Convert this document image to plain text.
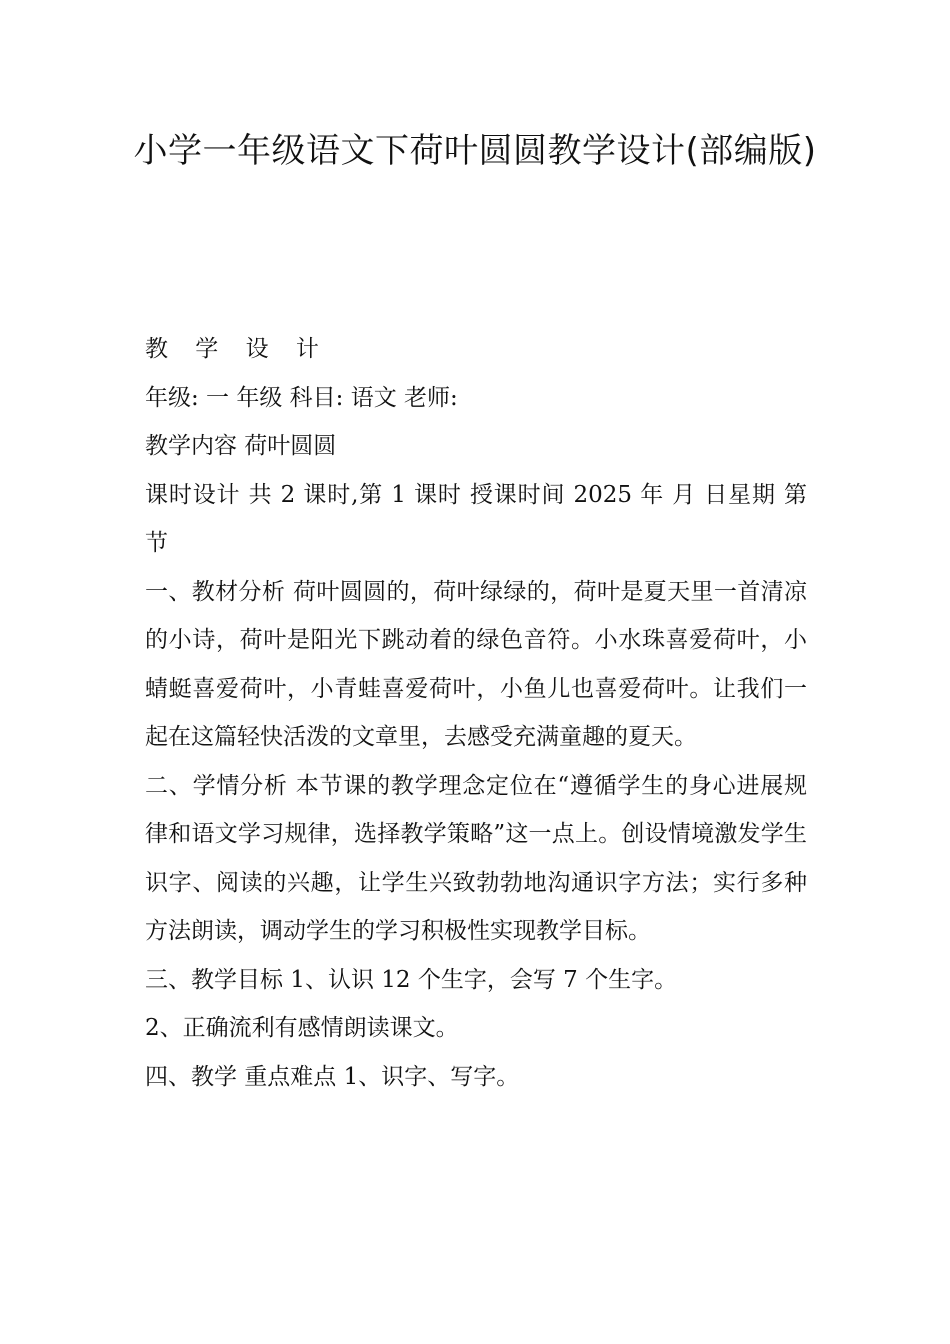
小学一年级语文下荷叶圆圆教学设计(部编版)

教 学 设 计

年级: 一 年级 科目: 语文 老师:

教学内容 荷叶圆圆

课时设计 共 2 课时,第 1 课时 授课时间 2025 年 月 日星期 第 节

一、教材分析 荷叶圆圆的，荷叶绿绿的，荷叶是夏天里一首清凉的小诗，荷叶是阳光下跳动着的绿色音符。小水珠喜爱荷叶，小蜻蜓喜爱荷叶，小青蛙喜爱荷叶，小鱼儿也喜爱荷叶。让我们一起在这篇轻快活泼的文章里，去感受充满童趣的夏天。

二、学情分析 本节课的教学理念定位在“遵循学生的身心进展规律和语文学习规律，选择教学策略”这一点上。创设情境激发学生识字、阅读的兴趣，让学生兴致勃勃地沟通识字方法；实行多种方法朗读，调动学生的学习积极性实现教学目标。

三、教学目标 1、认识 12 个生字，会写 7 个生字。

2、正确流利有感情朗读课文。

四、教学 重点难点 1、识字、写字。
